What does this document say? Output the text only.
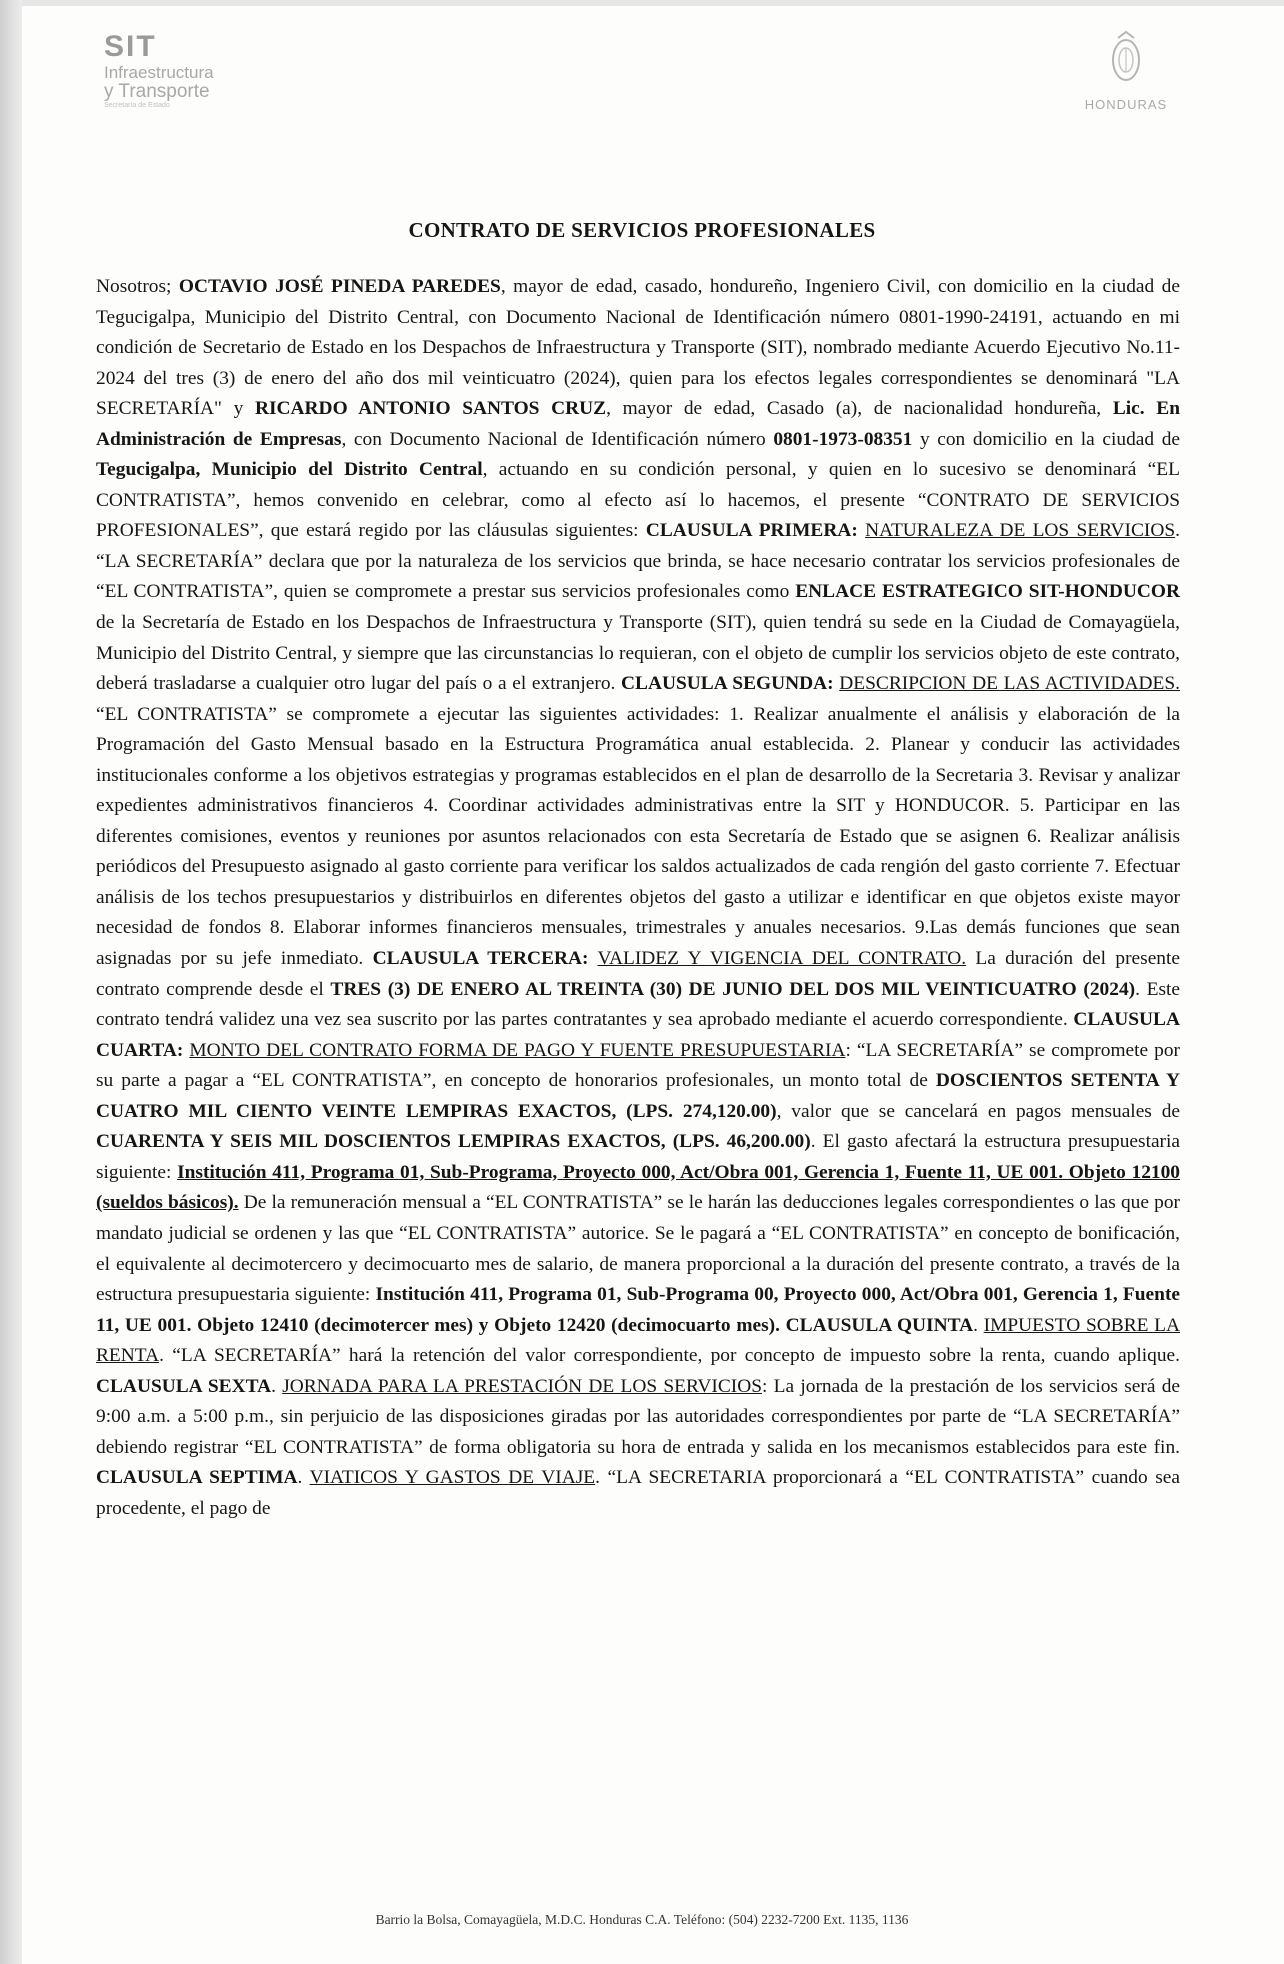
SIT
Infraestructura
y Transporte
Secretaría de Estado	HONDURAS
CONTRATO DE SERVICIOS PROFESIONALES

Nosotros; OCTAVIO JOSÉ PINEDA PAREDES, mayor de edad, casado, hondureño, Ingeniero Civil, con domicilio en la ciudad de Tegucigalpa, Municipio del Distrito Central, con Documento Nacional de Identificación número 0801-1990-24191, actuando en mi condición de Secretario de Estado en los Despachos de Infraestructura y Transporte (SIT), nombrado mediante Acuerdo Ejecutivo No.11-2024 del tres (3) de enero del año dos mil veinticuatro (2024), quien para los efectos legales correspondientes se denominará "LA SECRETARÍA" y RICARDO ANTONIO SANTOS CRUZ, mayor de edad, Casado (a), de nacionalidad hondureña, Lic. En Administración de Empresas, con Documento Nacional de Identificación número 0801-1973-08351 y con domicilio en la ciudad de Tegucigalpa, Municipio del Distrito Central, actuando en su condición personal, y quien en lo sucesivo se denominará “EL CONTRATISTA”, hemos convenido en celebrar, como al efecto así lo hacemos, el presente “CONTRATO DE SERVICIOS PROFESIONALES”, que estará regido por las cláusulas siguientes: CLAUSULA PRIMERA: NATURALEZA DE LOS SERVICIOS. “LA SECRETARÍA” declara que por la naturaleza de los servicios que brinda, se hace necesario contratar los servicios profesionales de “EL CONTRATISTA”, quien se compromete a prestar sus servicios profesionales como ENLACE ESTRATEGICO SIT-HONDUCOR de la Secretaría de Estado en los Despachos de Infraestructura y Transporte (SIT), quien tendrá su sede en la Ciudad de Comayagüela, Municipio del Distrito Central, y siempre que las circunstancias lo requieran, con el objeto de cumplir los servicios objeto de este contrato, deberá trasladarse a cualquier otro lugar del país o a el extranjero. CLAUSULA SEGUNDA: DESCRIPCION DE LAS ACTIVIDADES. “EL CONTRATISTA” se compromete a ejecutar las siguientes actividades: 1. Realizar anualmente el análisis y elaboración de la Programación del Gasto Mensual basado en la Estructura Programática anual establecida. 2. Planear y conducir las actividades institucionales conforme a los objetivos estrategias y programas establecidos en el plan de desarrollo de la Secretaria 3. Revisar y analizar expedientes administrativos financieros 4. Coordinar actividades administrativas entre la SIT y HONDUCOR. 5. Participar en las diferentes comisiones, eventos y reuniones por asuntos relacionados con esta Secretaría de Estado que se asignen 6. Realizar análisis periódicos del Presupuesto asignado al gasto corriente para verificar los saldos actualizados de cada rengión del gasto corriente 7. Efectuar análisis de los techos presupuestarios y distribuirlos en diferentes objetos del gasto a utilizar e identificar en que objetos existe mayor necesidad de fondos 8. Elaborar informes financieros mensuales, trimestrales y anuales necesarios. 9.Las demás funciones que sean asignadas por su jefe inmediato. CLAUSULA TERCERA: VALIDEZ Y VIGENCIA DEL CONTRATO. La duración del presente contrato comprende desde el TRES (3) DE ENERO AL TREINTA (30) DE JUNIO DEL DOS MIL VEINTICUATRO (2024). Este contrato tendrá validez una vez sea suscrito por las partes contratantes y sea aprobado mediante el acuerdo correspondiente. CLAUSULA CUARTA: MONTO DEL CONTRATO FORMA DE PAGO Y FUENTE PRESUPUESTARIA: “LA SECRETARÍA” se compromete por su parte a pagar a “EL CONTRATISTA”, en concepto de honorarios profesionales, un monto total de DOSCIENTOS SETENTA Y CUATRO MIL CIENTO VEINTE LEMPIRAS EXACTOS, (LPS. 274,120.00), valor que se cancelará en pagos mensuales de CUARENTA Y SEIS MIL DOSCIENTOS LEMPIRAS EXACTOS, (LPS. 46,200.00). El gasto afectará la estructura presupuestaria siguiente: Institución 411, Programa 01, Sub-Programa, Proyecto 000, Act/Obra 001, Gerencia 1, Fuente 11, UE 001. Objeto 12100 (sueldos básicos). De la remuneración mensual a “EL CONTRATISTA” se le harán las deducciones legales correspondientes o las que por mandato judicial se ordenen y las que “EL CONTRATISTA” autorice. Se le pagará a “EL CONTRATISTA” en concepto de bonificación, el equivalente al decimotercero y decimocuarto mes de salario, de manera proporcional a la duración del presente contrato, a través de la estructura presupuestaria siguiente: Institución 411, Programa 01, Sub-Programa 00, Proyecto 000, Act/Obra 001, Gerencia 1, Fuente 11, UE 001. Objeto 12410 (decimotercer mes) y Objeto 12420 (decimocuarto mes). CLAUSULA QUINTA. IMPUESTO SOBRE LA RENTA. “LA SECRETARÍA” hará la retención del valor correspondiente, por concepto de impuesto sobre la renta, cuando aplique. CLAUSULA SEXTA. JORNADA PARA LA PRESTACIÓN DE LOS SERVICIOS: La jornada de la prestación de los servicios será de 9:00 a.m. a 5:00 p.m., sin perjuicio de las disposiciones giradas por las autoridades correspondientes por parte de “LA SECRETARÍA” debiendo registrar “EL CONTRATISTA” de forma obligatoria su hora de entrada y salida en los mecanismos establecidos para este fin. CLAUSULA SEPTIMA. VIATICOS Y GASTOS DE VIAJE. “LA SECRETARIA proporcionará a “EL CONTRATISTA” cuando sea procedente, el pago de

Barrio la Bolsa, Comayagüela, M.D.C. Honduras C.A. Teléfono: (504) 2232-7200 Ext. 1135, 1136
